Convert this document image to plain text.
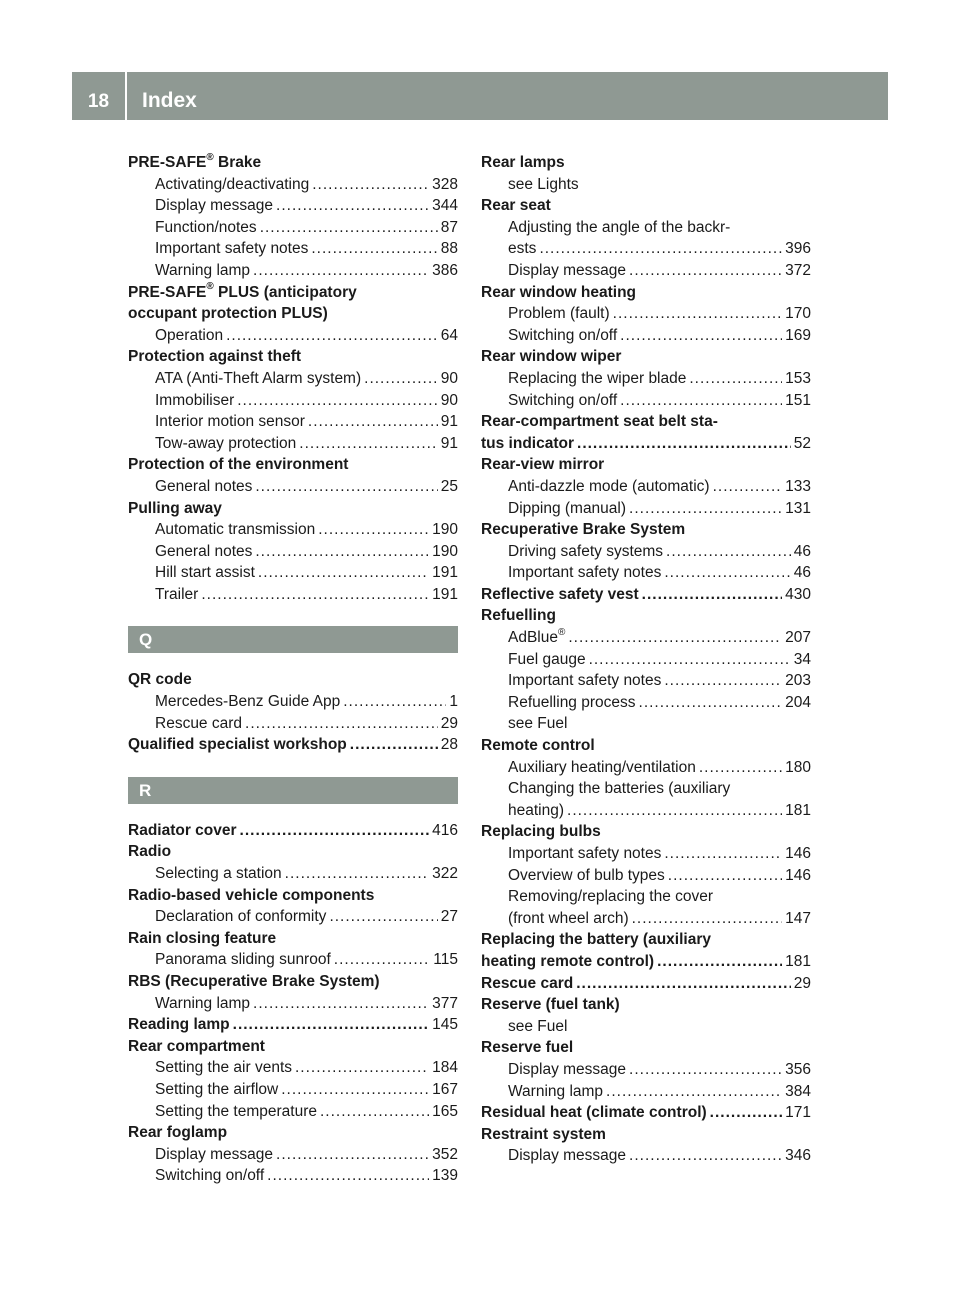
18	Index
PRE-SAFE® Brake
Activating/deactivating .....	328
Display message .....	344
Function/notes .....	87
Important safety notes .....	88
Warning lamp .....	386
PRE-SAFE® PLUS (anticipatory
occupant protection PLUS)
Operation .....	64
Protection against theft
ATA (Anti-Theft Alarm system) .....	90
Immobiliser .....	90
Interior motion sensor .....	91
Tow-away protection .....	91
Protection of the environment
General notes .....	25
Pulling away
Automatic transmission .....	190
General notes .....	190
Hill start assist .....	191
Trailer .....	191
Q
QR code
Mercedes-Benz Guide App .....	1
Rescue card .....	29
Qualified specialist workshop .....	28
R
Radiator cover .....	416
Radio
Selecting a station .....	322
Radio-based vehicle components
Declaration of conformity .....	27
Rain closing feature
Panorama sliding sunroof .....	115
RBS (Recuperative Brake System)
Warning lamp .....	377
Reading lamp .....	145
Rear compartment
Setting the air vents .....	184
Setting the airflow .....	167
Setting the temperature .....	165
Rear foglamp
Display message .....	352
Switching on/off .....	139
Rear lamps
see Lights
Rear seat
Adjusting the angle of the backr-
ests .....	396
Display message .....	372
Rear window heating
Problem (fault) .....	170
Switching on/off .....	169
Rear window wiper
Replacing the wiper blade .....	153
Switching on/off .....	151
Rear-compartment seat belt sta-
tus indicator .....	52
Rear-view mirror
Anti-dazzle mode (automatic) .....	133
Dipping (manual) .....	131
Recuperative Brake System
Driving safety systems .....	46
Important safety notes .....	46
Reflective safety vest .....	430
Refuelling
AdBlue® .....	207
Fuel gauge .....	34
Important safety notes .....	203
Refuelling process .....	204
see Fuel
Remote control
Auxiliary heating/ventilation .....	180
Changing the batteries (auxiliary
heating) .....	181
Replacing bulbs
Important safety notes .....	146
Overview of bulb types .....	146
Removing/replacing the cover
(front wheel arch) .....	147
Replacing the battery (auxiliary
heating remote control) .....	181
Rescue card .....	29
Reserve (fuel tank)
see Fuel
Reserve fuel
Display message .....	356
Warning lamp .....	384
Residual heat (climate control) .....	171
Restraint system
Display message .....	346
